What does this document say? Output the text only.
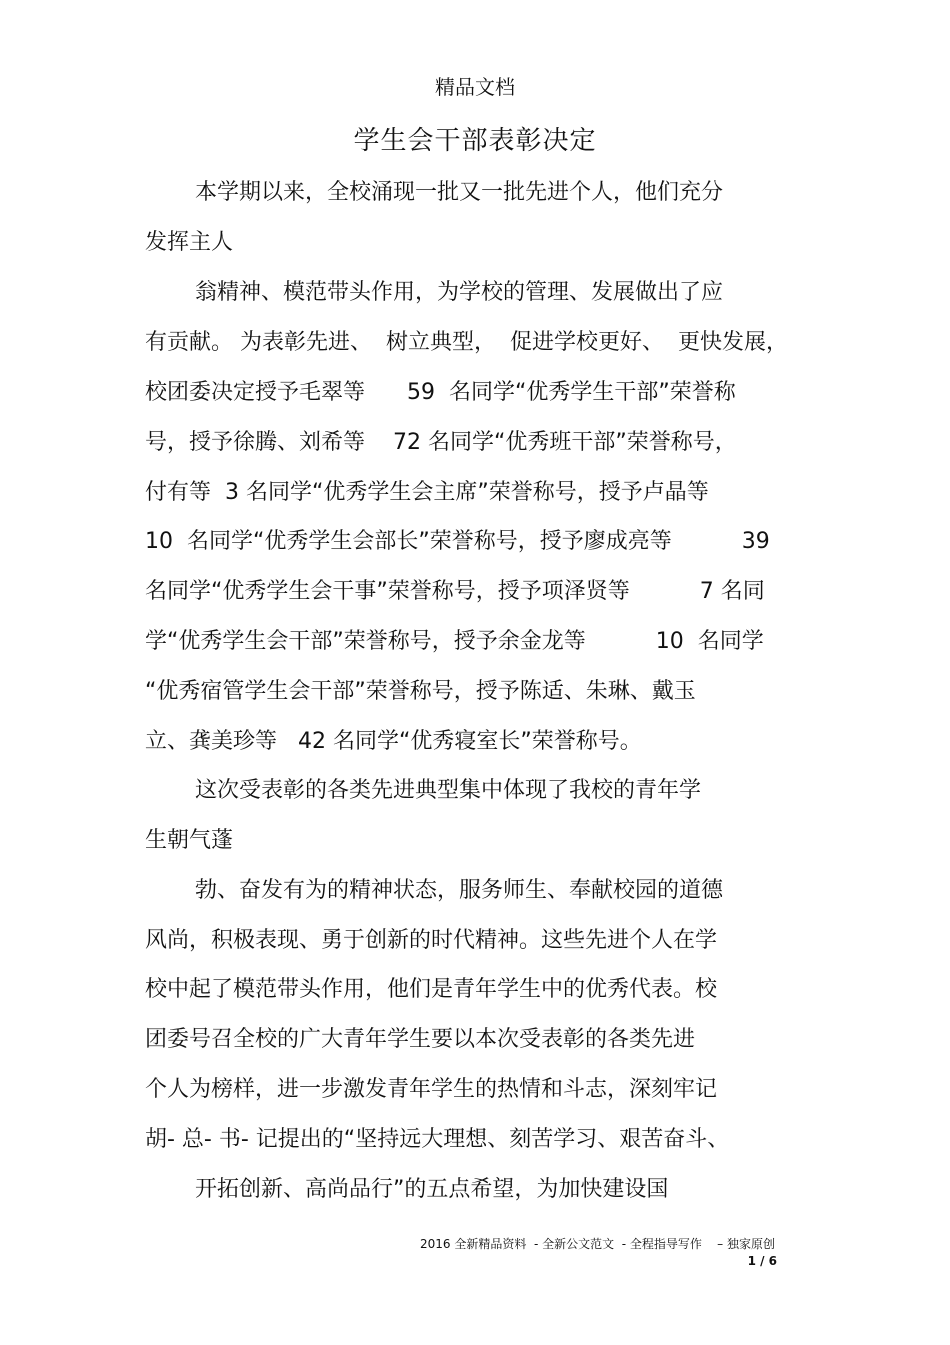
精品文档
学生会干部表彰决定
本学期以来，全校涌现一批又一批先进个人，他们充分
发挥主人
翁精神、模范带头作用，为学校的管理、发展做出了应
有贡献。 为表彰先进、  树立典型，  促进学校更好、  更快发展，
校团委决定授予毛翠等      59  名同学“优秀学生干部”荣誉称
号，授予徐腾、刘希等    72 名同学“优秀班干部”荣誉称号，
付有等  3 名同学“优秀学生会主席”荣誉称号，授予卢晶等
10  名同学“优秀学生会部长”荣誉称号，授予廖成亮等          39
名同学“优秀学生会干事”荣誉称号，授予项泽贤等          7 名同
学“优秀学生会干部”荣誉称号，授予余金龙等          10  名同学
“优秀宿管学生会干部”荣誉称号，授予陈适、朱琳、戴玉
立、龚美珍等   42 名同学“优秀寝室长”荣誉称号。
这次受表彰的各类先进典型集中体现了我校的青年学
生朝气蓬
勃、奋发有为的精神状态，服务师生、奉献校园的道德
风尚，积极表现、勇于创新的时代精神。这些先进个人在学
校中起了模范带头作用，他们是青年学生中的优秀代表。校
团委号召全校的广大青年学生要以本次受表彰的各类先进
个人为榜样，进一步激发青年学生的热情和斗志，深刻牢记
胡- 总- 书- 记提出的“坚持远大理想、刻苦学习、艰苦奋斗、
开拓创新、高尚品行”的五点希望，为加快建设国
2016 全新精品资料  - 全新公文范文  - 全程指导写作    – 独家原创
1 / 6
